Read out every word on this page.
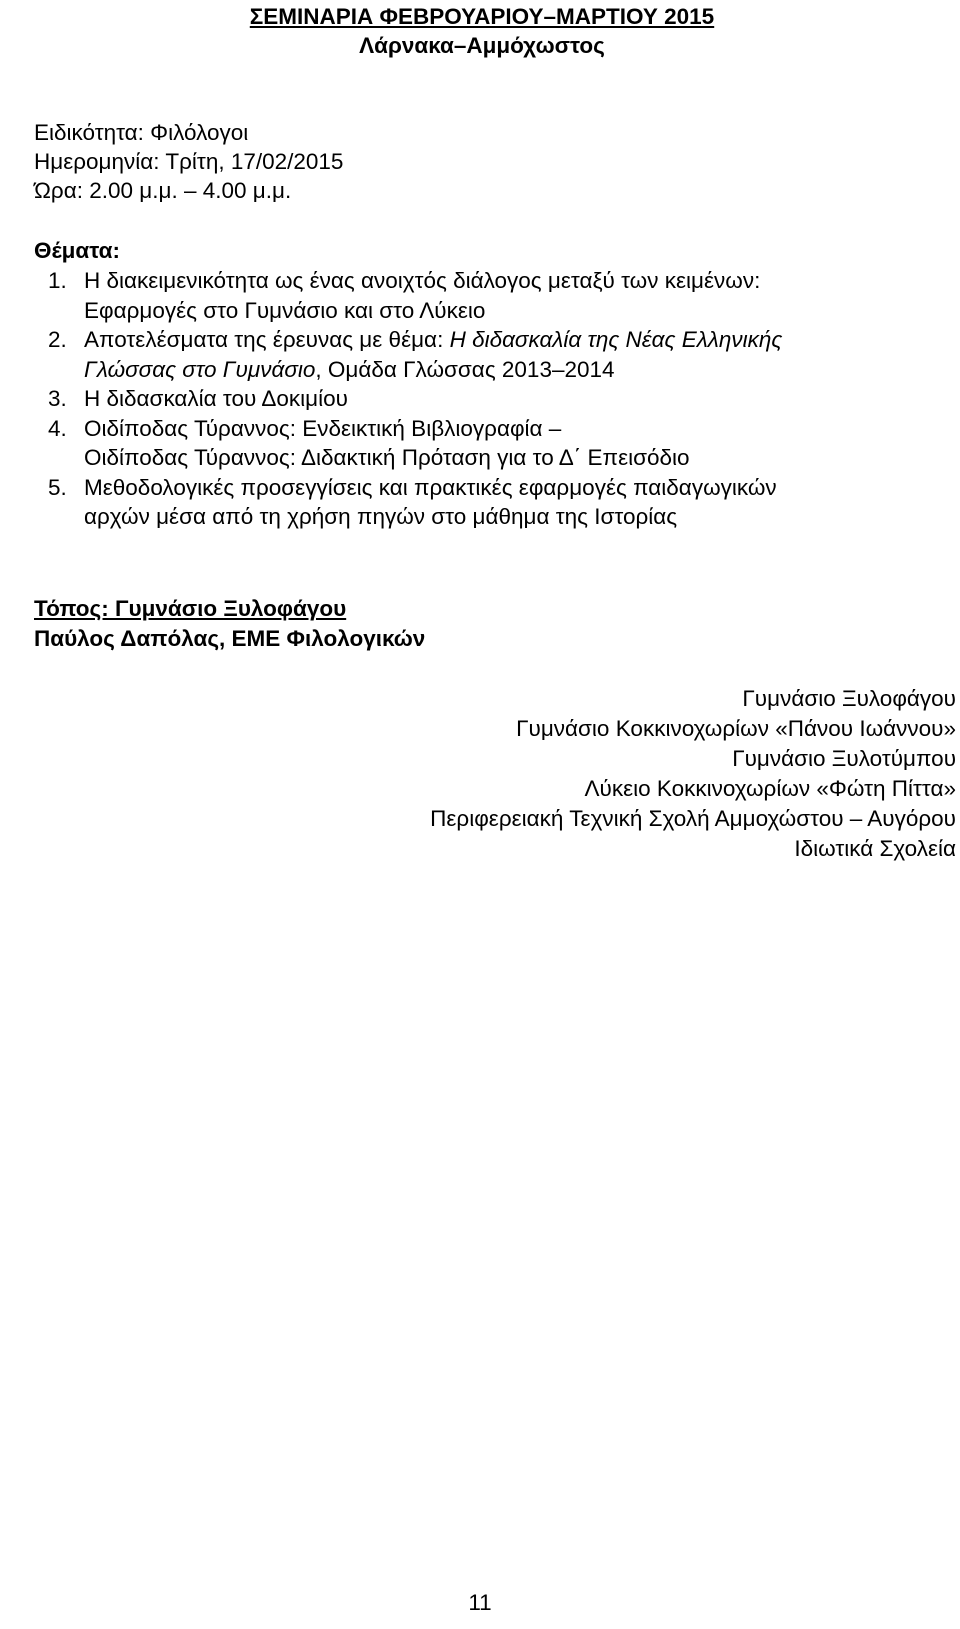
ΣΕΜΙΝΑΡΙΑ ΦΕΒΡΟΥΑΡΙΟΥ–ΜΑΡΤΙΟΥ 2015
Λάρνακα–Αμμόχωστος
Ειδικότητα: Φιλόλογοι
Ημερομηνία: Τρίτη, 17/02/2015
Ώρα: 2.00 μ.μ. – 4.00 μ.μ.
Θέματα:
1. Η διακειμενικότητα ως ένας ανοιχτός διάλογος μεταξύ των κειμένων:
Εφαρμογές στο Γυμνάσιο και στο Λύκειο
2. Αποτελέσματα της έρευνας με θέμα: Η διδασκαλία της Νέας Ελληνικής
Γλώσσας στο Γυμνάσιο, Ομάδα Γλώσσας 2013–2014
3. Η διδασκαλία του Δοκιμίου
4. Οιδίποδας Τύραννος: Ενδεικτική Βιβλιογραφία –
Οιδίποδας Τύραννος: Διδακτική Πρόταση για το Δ΄ Επεισόδιο
5. Μεθοδολογικές προσεγγίσεις και πρακτικές εφαρμογές παιδαγωγικών
αρχών μέσα από τη χρήση πηγών στο μάθημα της Ιστορίας
Τόπος: Γυμνάσιο Ξυλοφάγου
Παύλος Δαπόλας, ΕΜΕ Φιλολογικών
Γυμνάσιο Ξυλοφάγου
Γυμνάσιο Κοκκινοχωρίων «Πάνου Ιωάννου»
Γυμνάσιο Ξυλοτύμπου
Λύκειο Κοκκινοχωρίων «Φώτη Πίττα»
Περιφερειακή Τεχνική Σχολή Αμμοχώστου – Αυγόρου
Ιδιωτικά Σχολεία
11
